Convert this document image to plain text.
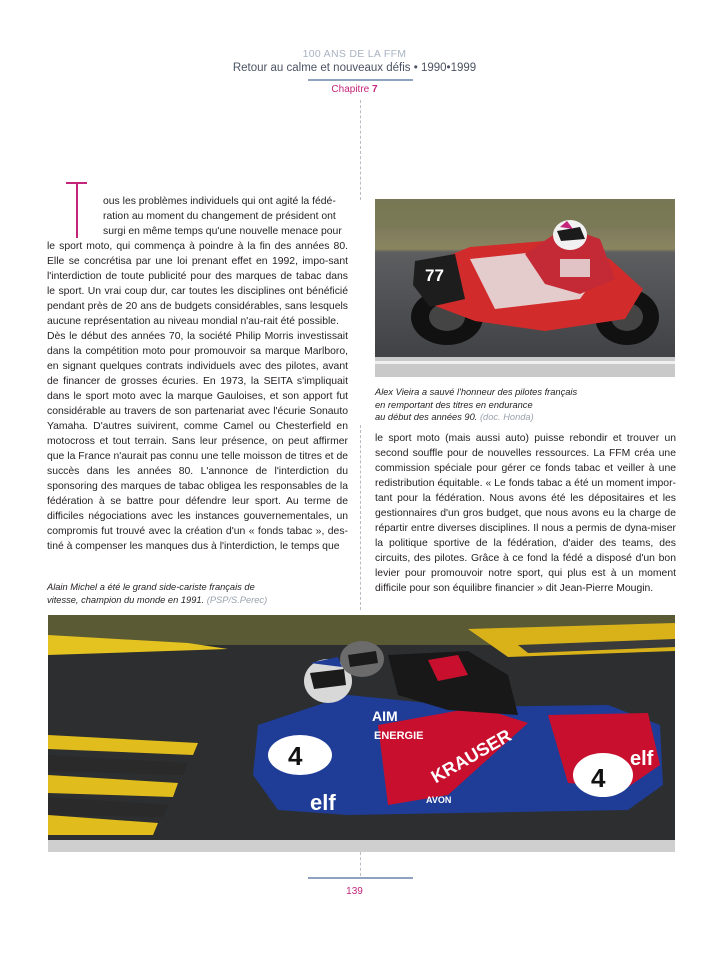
100 ANS DE LA FFM
Retour au calme et nouveaux défis • 1990•1999
Chapitre 7
ous les problèmes individuels qui ont agité la fédé-
ration au moment du changement de président ont
surgi en même temps qu'une nouvelle menace pour

le sport moto, qui commença à poindre à la fin des années 80. Elle se concrétisa par une loi prenant effet en 1992, impo-sant l'interdiction de toute publicité pour des marques de tabac dans le sport. Un vrai coup dur, car toutes les disciplines ont bénéficié pendant près de 20 ans de budgets considérables, sans lesquels aucune représentation au niveau mondial n'au-rait été possible.

Dès le début des années 70, la société Philip Morris investissait dans la compétition moto pour promouvoir sa marque Marlboro, en signant quelques contrats individuels avec des pilotes, avant de financer de grosses écuries. En 1973, la SEITA s'impliquait dans le sport moto avec la marque Gauloises, et son apport fut considérable au travers de son partenariat avec l'écurie Sonauto Yamaha. D'autres suivirent, comme Camel ou Chesterfield en motocross et tout terrain. Sans leur présence, on peut affirmer que la France n'aurait pas connu une telle moisson de titres et de succès dans les années 80. L'annonce de l'interdiction du sponsoring des marques de tabac obligea les responsables de la fédération à se battre pour défendre leur sport. Au terme de difficiles négociations avec les instances gouvernementales, un compromis fut trouvé avec la création d'un « fonds tabac », des-tiné à compenser les manques dus à l'interdiction, le temps que

77
Alex Vieira a sauvé l'honneur des pilotes français
en remportant des titres en endurance
au début des années 90. (doc. Honda)

le sport moto (mais aussi auto) puisse rebondir et trouver un second souffle pour de nouvelles ressources. La FFM créa une commission spéciale pour gérer ce fonds tabac et veiller à une redistribution équitable. « Le fonds tabac a été un moment impor-tant pour la fédération. Nous avons été les dépositaires et les gestionnaires d'un gros budget, que nous avons eu la charge de répartir entre diverses disciplines. Il nous a permis de dyna-miser la politique sportive de la fédération, d'aider des teams, des circuits, des pilotes. Grâce à ce fond la fédé a disposé d'un bon levier pour promouvoir notre sport, qui plus est à un moment difficile pour son équilibre financier » dit Jean-Pierre Mougin.

Alain Michel a été le grand side-cariste français de
vitesse, champion du monde en 1991. (PSP/S.Perec)
4
4
elf
elf
AIM
ENERGIE KRAUSER
AVON
139
